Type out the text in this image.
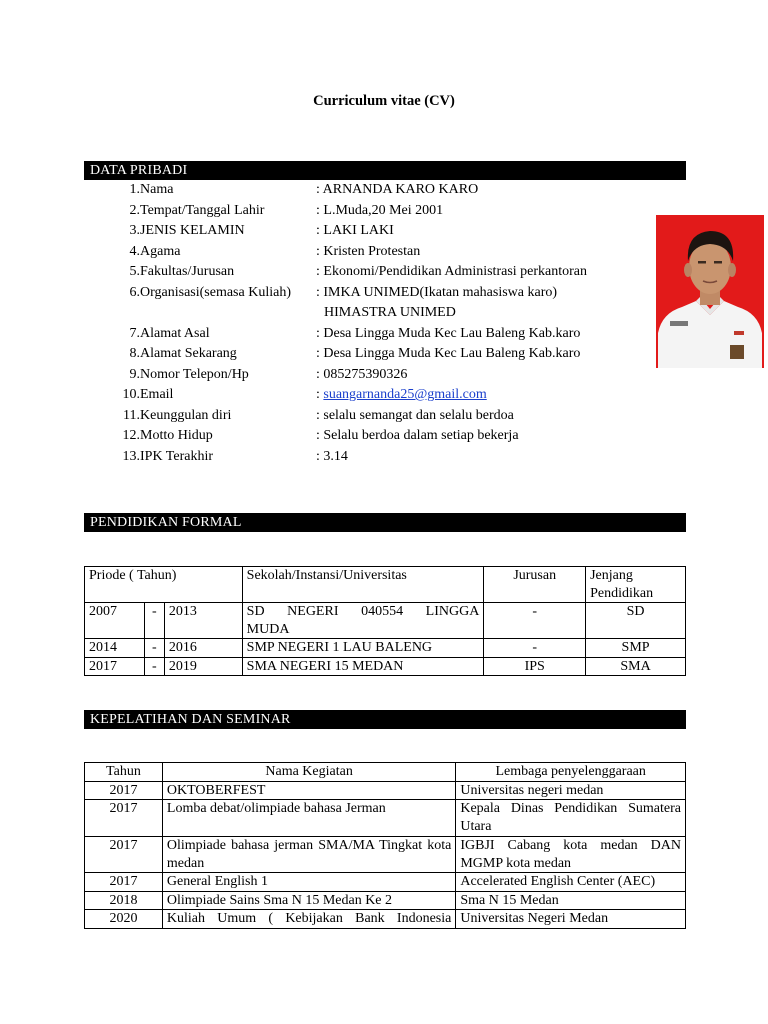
Curriculum vitae (CV)
DATA PRIBADI
1. Nama	: ARNANDA KARO KARO
2. Tempat/Tanggal Lahir	: L.Muda,20 Mei 2001
3. JENIS KELAMIN	: LAKI LAKI
4. Agama	: Kristen Protestan
5. Fakultas/Jurusan	: Ekonomi/Pendidikan Administrasi perkantoran
6. Organisasi(semasa Kuliah) : IMKA UNIMED(Ikatan mahasiswa karo)
HIMASTRA UNIMED
7. Alamat Asal	: Desa Lingga Muda Kec Lau Baleng Kab.karo
8. Alamat Sekarang	: Desa Lingga Muda Kec Lau Baleng Kab.karo
9. Nomor Telepon/Hp	: 085275390326
10. Email	: suangarnanda25@gmail.com
11. Keunggulan diri	: selalu semangat dan selalu berdoa
12. Motto Hidup	: Selalu berdoa dalam setiap bekerja
13. IPK Terakhir	: 3.14
PENDIDIKAN FORMAL
Priode ( Tahun)			Sekolah/Instansi/Universitas	Jurusan	Jenjang Pendidikan
2007	-	2013	SD NEGERI 040554 LINGGA MUDA	-	SD
2014	-	2016	SMP NEGERI 1 LAU BALENG	-	SMP
2017	-	2019	SMA NEGERI 15 MEDAN	IPS	SMA
KEPELATIHAN DAN SEMINAR
Tahun	Nama Kegiatan	Lembaga penyelenggaraan
2017	OKTOBERFEST	Universitas negeri medan
2017	Lomba debat/olimpiade bahasa Jerman	Kepala Dinas Pendidikan Sumatera Utara
2017	Olimpiade bahasa jerman SMA/MA Tingkat kota medan	IGBJI Cabang kota medan DAN MGMP kota medan
2017	General English 1	Accelerated English Center (AEC)
2018	Olimpiade Sains Sma N 15 Medan Ke 2	Sma N 15 Medan
2020	Kuliah Umum ( Kebijakan Bank Indonesia	Universitas Negeri Medan
